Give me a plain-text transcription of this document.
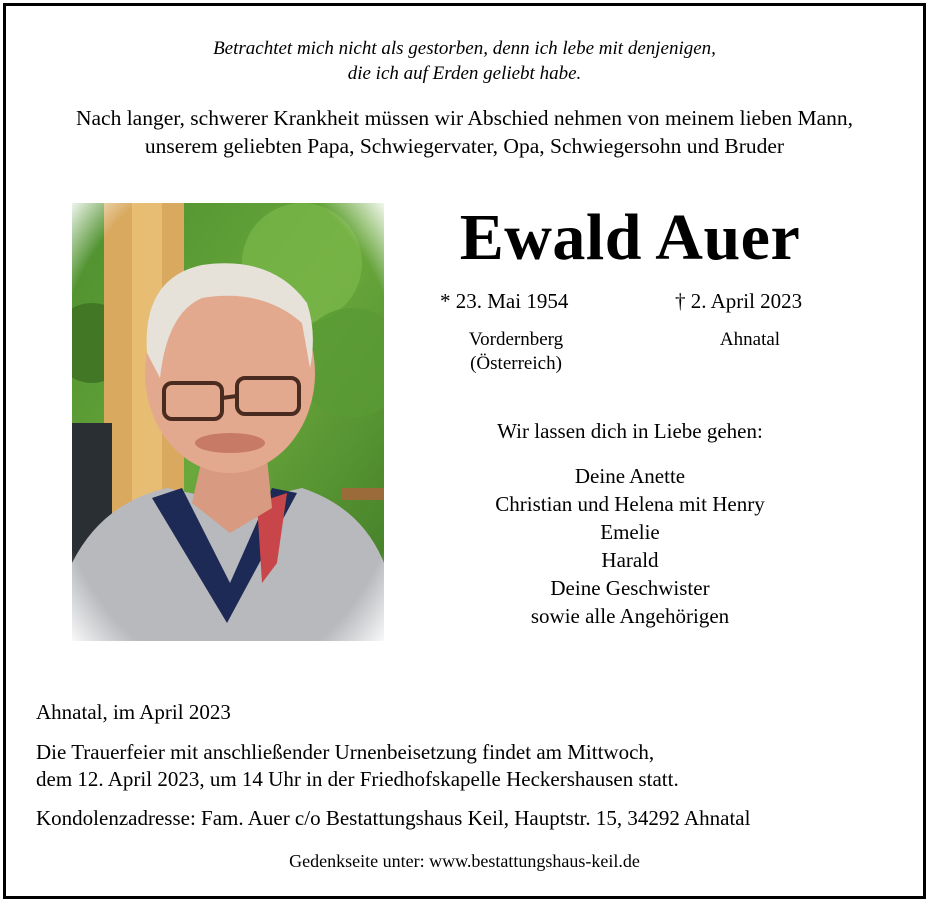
Betrachtet mich nicht als gestorben, denn ich lebe mit denjenigen,
die ich auf Erden geliebt habe.
Nach langer, schwerer Krankheit müssen wir Abschied nehmen von meinem lieben Mann,
unserem geliebten Papa, Schwiegervater, Opa, Schwiegersohn und Bruder
Ewald Auer
* 23. Mai 1954	† 2. April 2023
Vordernberg
(Österreich)
Ahnatal
Wir lassen dich in Liebe gehen:
Deine Anette
Christian und Helena mit Henry
Emelie
Harald
Deine Geschwister
sowie alle Angehörigen
Ahnatal, im April 2023
Die Trauerfeier mit anschließender Urnenbeisetzung findet am Mittwoch,
dem 12. April 2023, um 14 Uhr in der Friedhofskapelle Heckershausen statt.
Kondolenzadresse: Fam. Auer c/o Bestattungshaus Keil, Hauptstr. 15, 34292 Ahnatal
Gedenkseite unter: www.bestattungshaus-keil.de
